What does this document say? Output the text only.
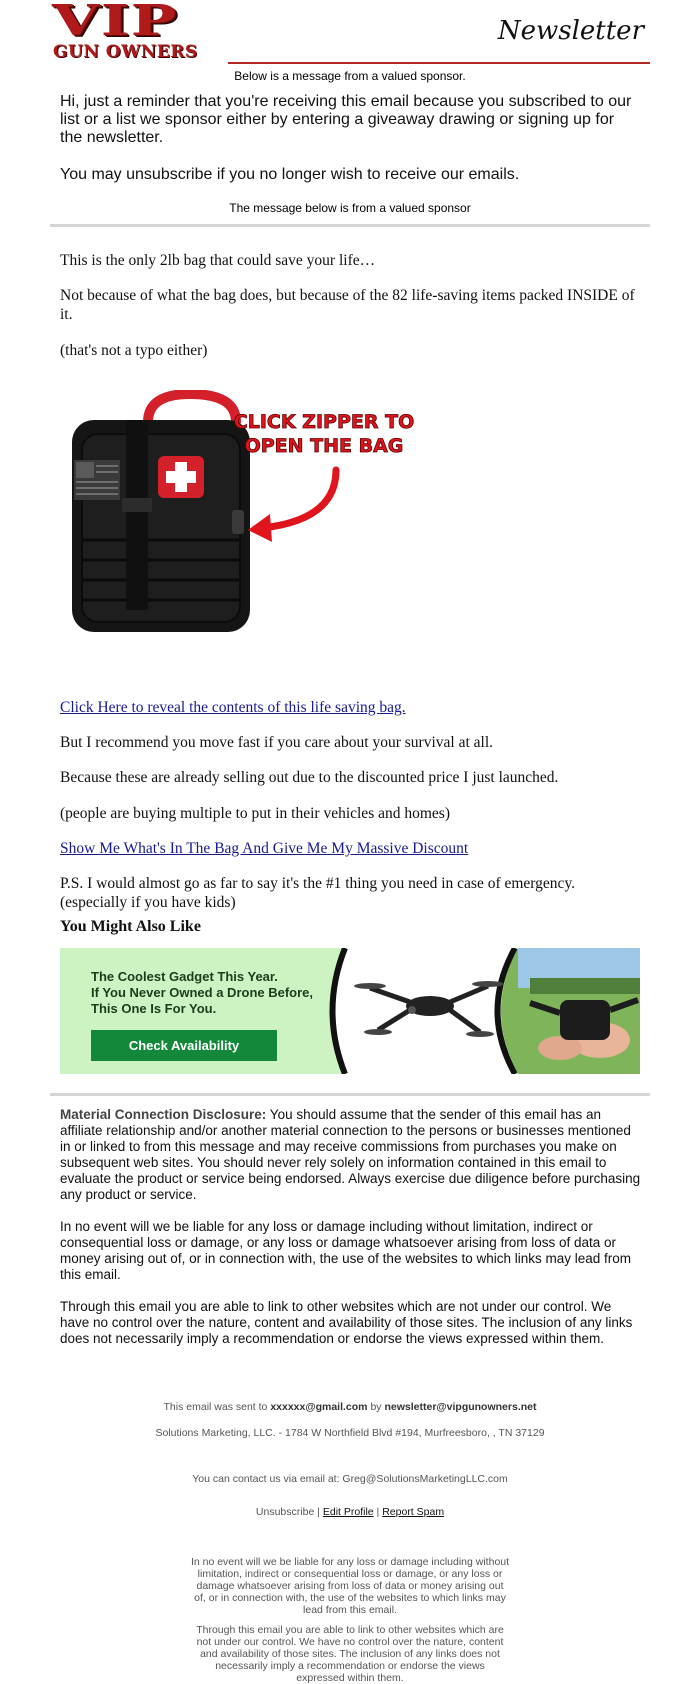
VIP
GUN OWNERS
Newsletter
Below is a message from a valued sponsor.

Hi, just a reminder that you're receiving this email because you subscribed to our list or a list we sponsor either by entering a giveaway drawing or signing up for the newsletter.

You may unsubscribe if you no longer wish to receive our emails.

The message below is from a valued sponsor
This is the only 2lb bag that could save your life…
Not because of what the bag does, but because of the 82 life-saving items packed INSIDE of it.
(that's not a typo either)
CLICK ZIPPER TO
OPEN THE BAG
Click Here to reveal the contents of this life saving bag.
But I recommend you move fast if you care about your survival at all.
Because these are already selling out due to the discounted price I just launched.
(people are buying multiple to put in their vehicles and homes)
Show Me What's In The Bag And Give Me My Massive Discount

P.S. I would almost go as far to say it's the #1 thing you need in case of emergency.

(especially if you have kids)

You Might Also Like
The Coolest Gadget This Year.
If You Never Owned a Drone Before,
This One Is For You.
Check Availability

Material Connection Disclosure: You should assume that the sender of this email has an affiliate relationship and/or another material connection to the persons or businesses mentioned in or linked to from this message and may receive commissions from purchases you make on subsequent web sites. You should never rely solely on information contained in this email to evaluate the product or service being endorsed. Always exercise due diligence before purchasing any product or service.

In no event will we be liable for any loss or damage including without limitation, indirect or consequential loss or damage, or any loss or damage whatsoever arising from loss of data or money arising out of, or in connection with, the use of the websites to which links may lead from this email.

Through this email you are able to link to other websites which are not under our control. We have no control over the nature, content and availability of those sites. The inclusion of any links does not necessarily imply a recommendation or endorse the views expressed within them.

This email was sent to xxxxxx@gmail.com by newsletter@vipgunowners.net
Solutions Marketing, LLC. - 1784 W Northfield Blvd #194, Murfreesboro, , TN 37129
You can contact us via email at: Greg@SolutionsMarketingLLC.com
Unsubscribe | Edit Profile | Report Spam
In no event will we be liable for any loss or damage including without limitation, indirect or consequential loss or damage, or any loss or damage whatsoever arising from loss of data or money arising out of, or in connection with, the use of the websites to which links may lead from this email.
Through this email you are able to link to other websites which are not under our control. We have no control over the nature, content and availability of those sites. The inclusion of any links does not necessarily imply a recommendation or endorse the views expressed within them.
